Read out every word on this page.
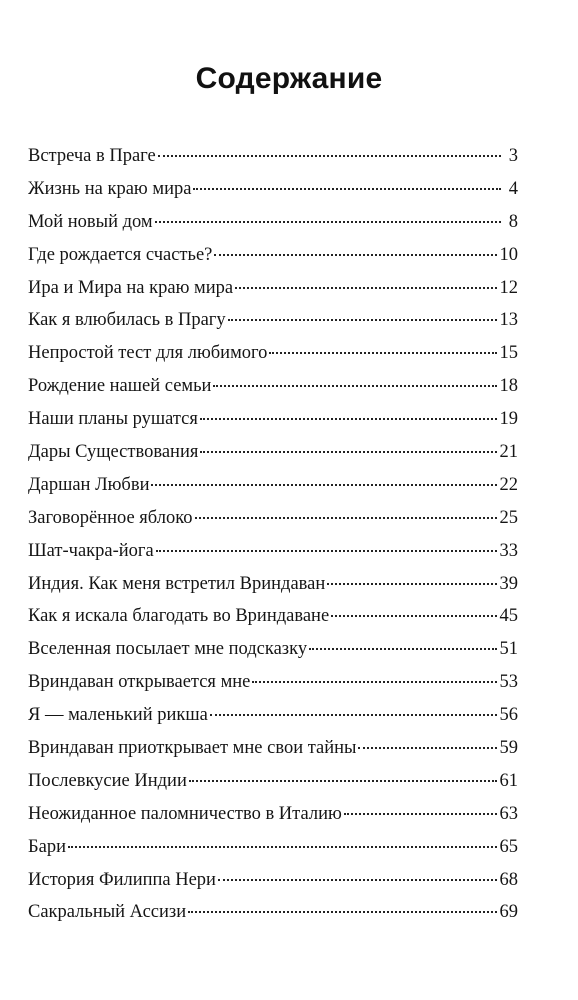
Содержание
Встреча в Праге	3
Жизнь на краю мира	4
Мой новый дом	8
Где рождается счастье?	10
Ира и Мира на краю мира	12
Как я влюбилась в Прагу	13
Непростой тест для любимого	15
Рождение нашей семьи	18
Наши планы рушатся	19
Дары Существования	21
Даршан Любви	22
Заговорённое яблоко	25
Шат-чакра-йога	33
Индия. Как меня встретил Вриндаван	39
Как я искала благодать во Вриндаване	45
Вселенная посылает мне подсказку	51
Вриндаван открывается мне	53
Я — маленький рикша	56
Вриндаван приоткрывает мне свои тайны	59
Послевкусие Индии	61
Неожиданное паломничество в Италию	63
Бари	65
История Филиппа Нери	68
Сакральный Ассизи	69
